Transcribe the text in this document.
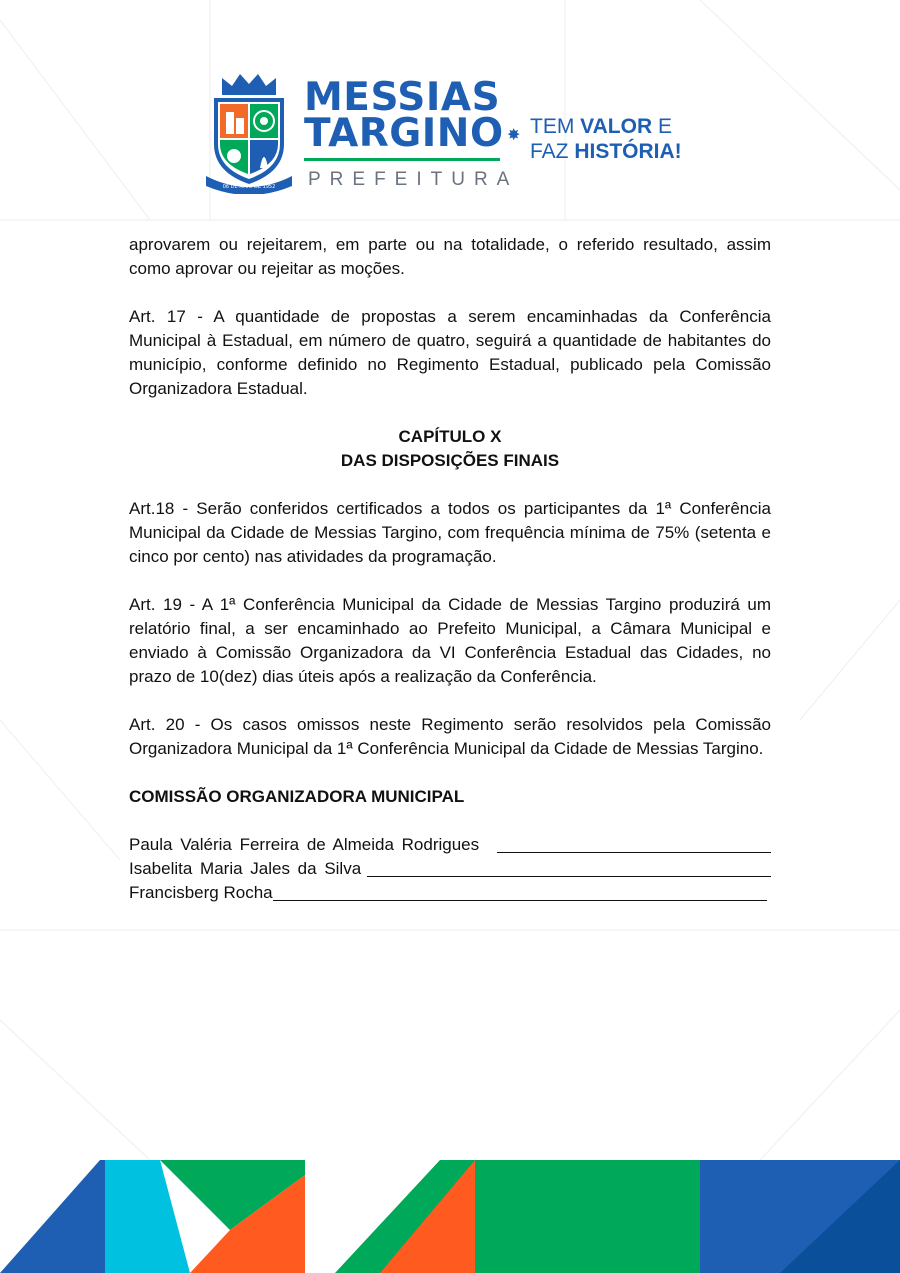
06 DE MAIO DE 1952
MESSIAS
TARGINO
PREFEITURA
✸ TEM VALOR E
FAZ HISTÓRIA!

aprovarem ou rejeitarem, em parte ou na totalidade, o referido resultado, assim como aprovar ou rejeitar as moções.

Art. 17 - A quantidade de propostas a serem encaminhadas da Conferência Municipal à Estadual, em número de quatro, seguirá a quantidade de habitantes do município, conforme definido no Regimento Estadual, publicado pela Comissão Organizadora Estadual.

CAPÍTULO X

DAS DISPOSIÇÕES FINAIS

Art.18 - Serão conferidos certificados a todos os participantes da 1ª Conferência Municipal da Cidade de Messias Targino, com frequência mínima de 75% (setenta e cinco por cento) nas atividades da programação.

Art. 19 - A 1ª Conferência Municipal da Cidade de Messias Targino produzirá um relatório final, a ser encaminhado ao Prefeito Municipal, a Câmara Municipal e enviado à Comissão Organizadora da VI Conferência Estadual das Cidades, no prazo de 10(dez) dias úteis após a realização da Conferência.

Art. 20 - Os casos omissos neste Regimento serão resolvidos pela Comissão Organizadora Municipal da 1ª Conferência Municipal da Cidade de Messias Targino.

COMISSÃO ORGANIZADORA MUNICIPAL

Paula Valéria Ferreira de Almeida Rodrigues
Isabelita Maria Jales da Silva
Francisberg Rocha
